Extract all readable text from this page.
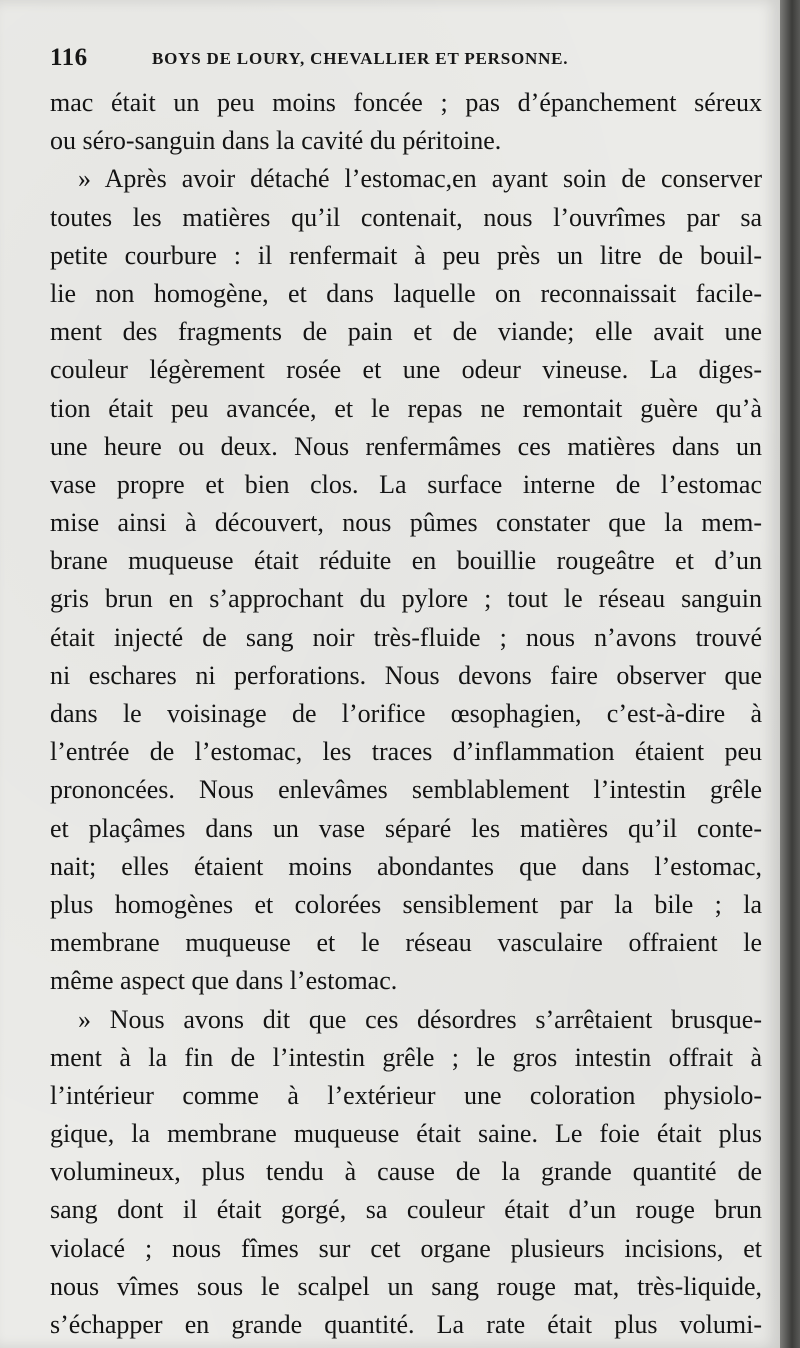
116	BOYS DE LOURY, CHEVALLIER ET PERSONNE.
mac était un peu moins foncée ; pas d’épanchement séreux
ou séro-sanguin dans la cavité du péritoine.
» Après avoir détaché l’estomac,en ayant soin de conserver
toutes les matières qu’il contenait, nous l’ouvrîmes par sa
petite courbure : il renfermait à peu près un litre de bouil-
lie non homogène, et dans laquelle on reconnaissait facile-
ment des fragments de pain et de viande; elle avait une
couleur légèrement rosée et une odeur vineuse. La diges-
tion était peu avancée, et le repas ne remontait guère qu’à
une heure ou deux. Nous renfermâmes ces matières dans un
vase propre et bien clos. La surface interne de l’estomac
mise ainsi à découvert, nous pûmes constater que la mem-
brane muqueuse était réduite en bouillie rougeâtre et d’un
gris brun en s’approchant du pylore ; tout le réseau sanguin
était injecté de sang noir très-fluide ; nous n’avons trouvé
ni eschares ni perforations. Nous devons faire observer que
dans le voisinage de l’orifice œsophagien, c’est-à-dire à
l’entrée de l’estomac, les traces d’inflammation étaient peu
prononcées. Nous enlevâmes semblablement l’intestin grêle
et plaçâmes dans un vase séparé les matières qu’il conte-
nait; elles étaient moins abondantes que dans l’estomac,
plus homogènes et colorées sensiblement par la bile ; la
membrane muqueuse et le réseau vasculaire offraient le
même aspect que dans l’estomac.
» Nous avons dit que ces désordres s’arrêtaient brusque-
ment à la fin de l’intestin grêle ; le gros intestin offrait à
l’intérieur comme à l’extérieur une coloration physiolo-
gique, la membrane muqueuse était saine. Le foie était plus
volumineux, plus tendu à cause de la grande quantité de
sang dont il était gorgé, sa couleur était d’un rouge brun
violacé ; nous fîmes sur cet organe plusieurs incisions, et
nous vîmes sous le scalpel un sang rouge mat, très-liquide,
s’échapper en grande quantité. La rate était plus volumi-
